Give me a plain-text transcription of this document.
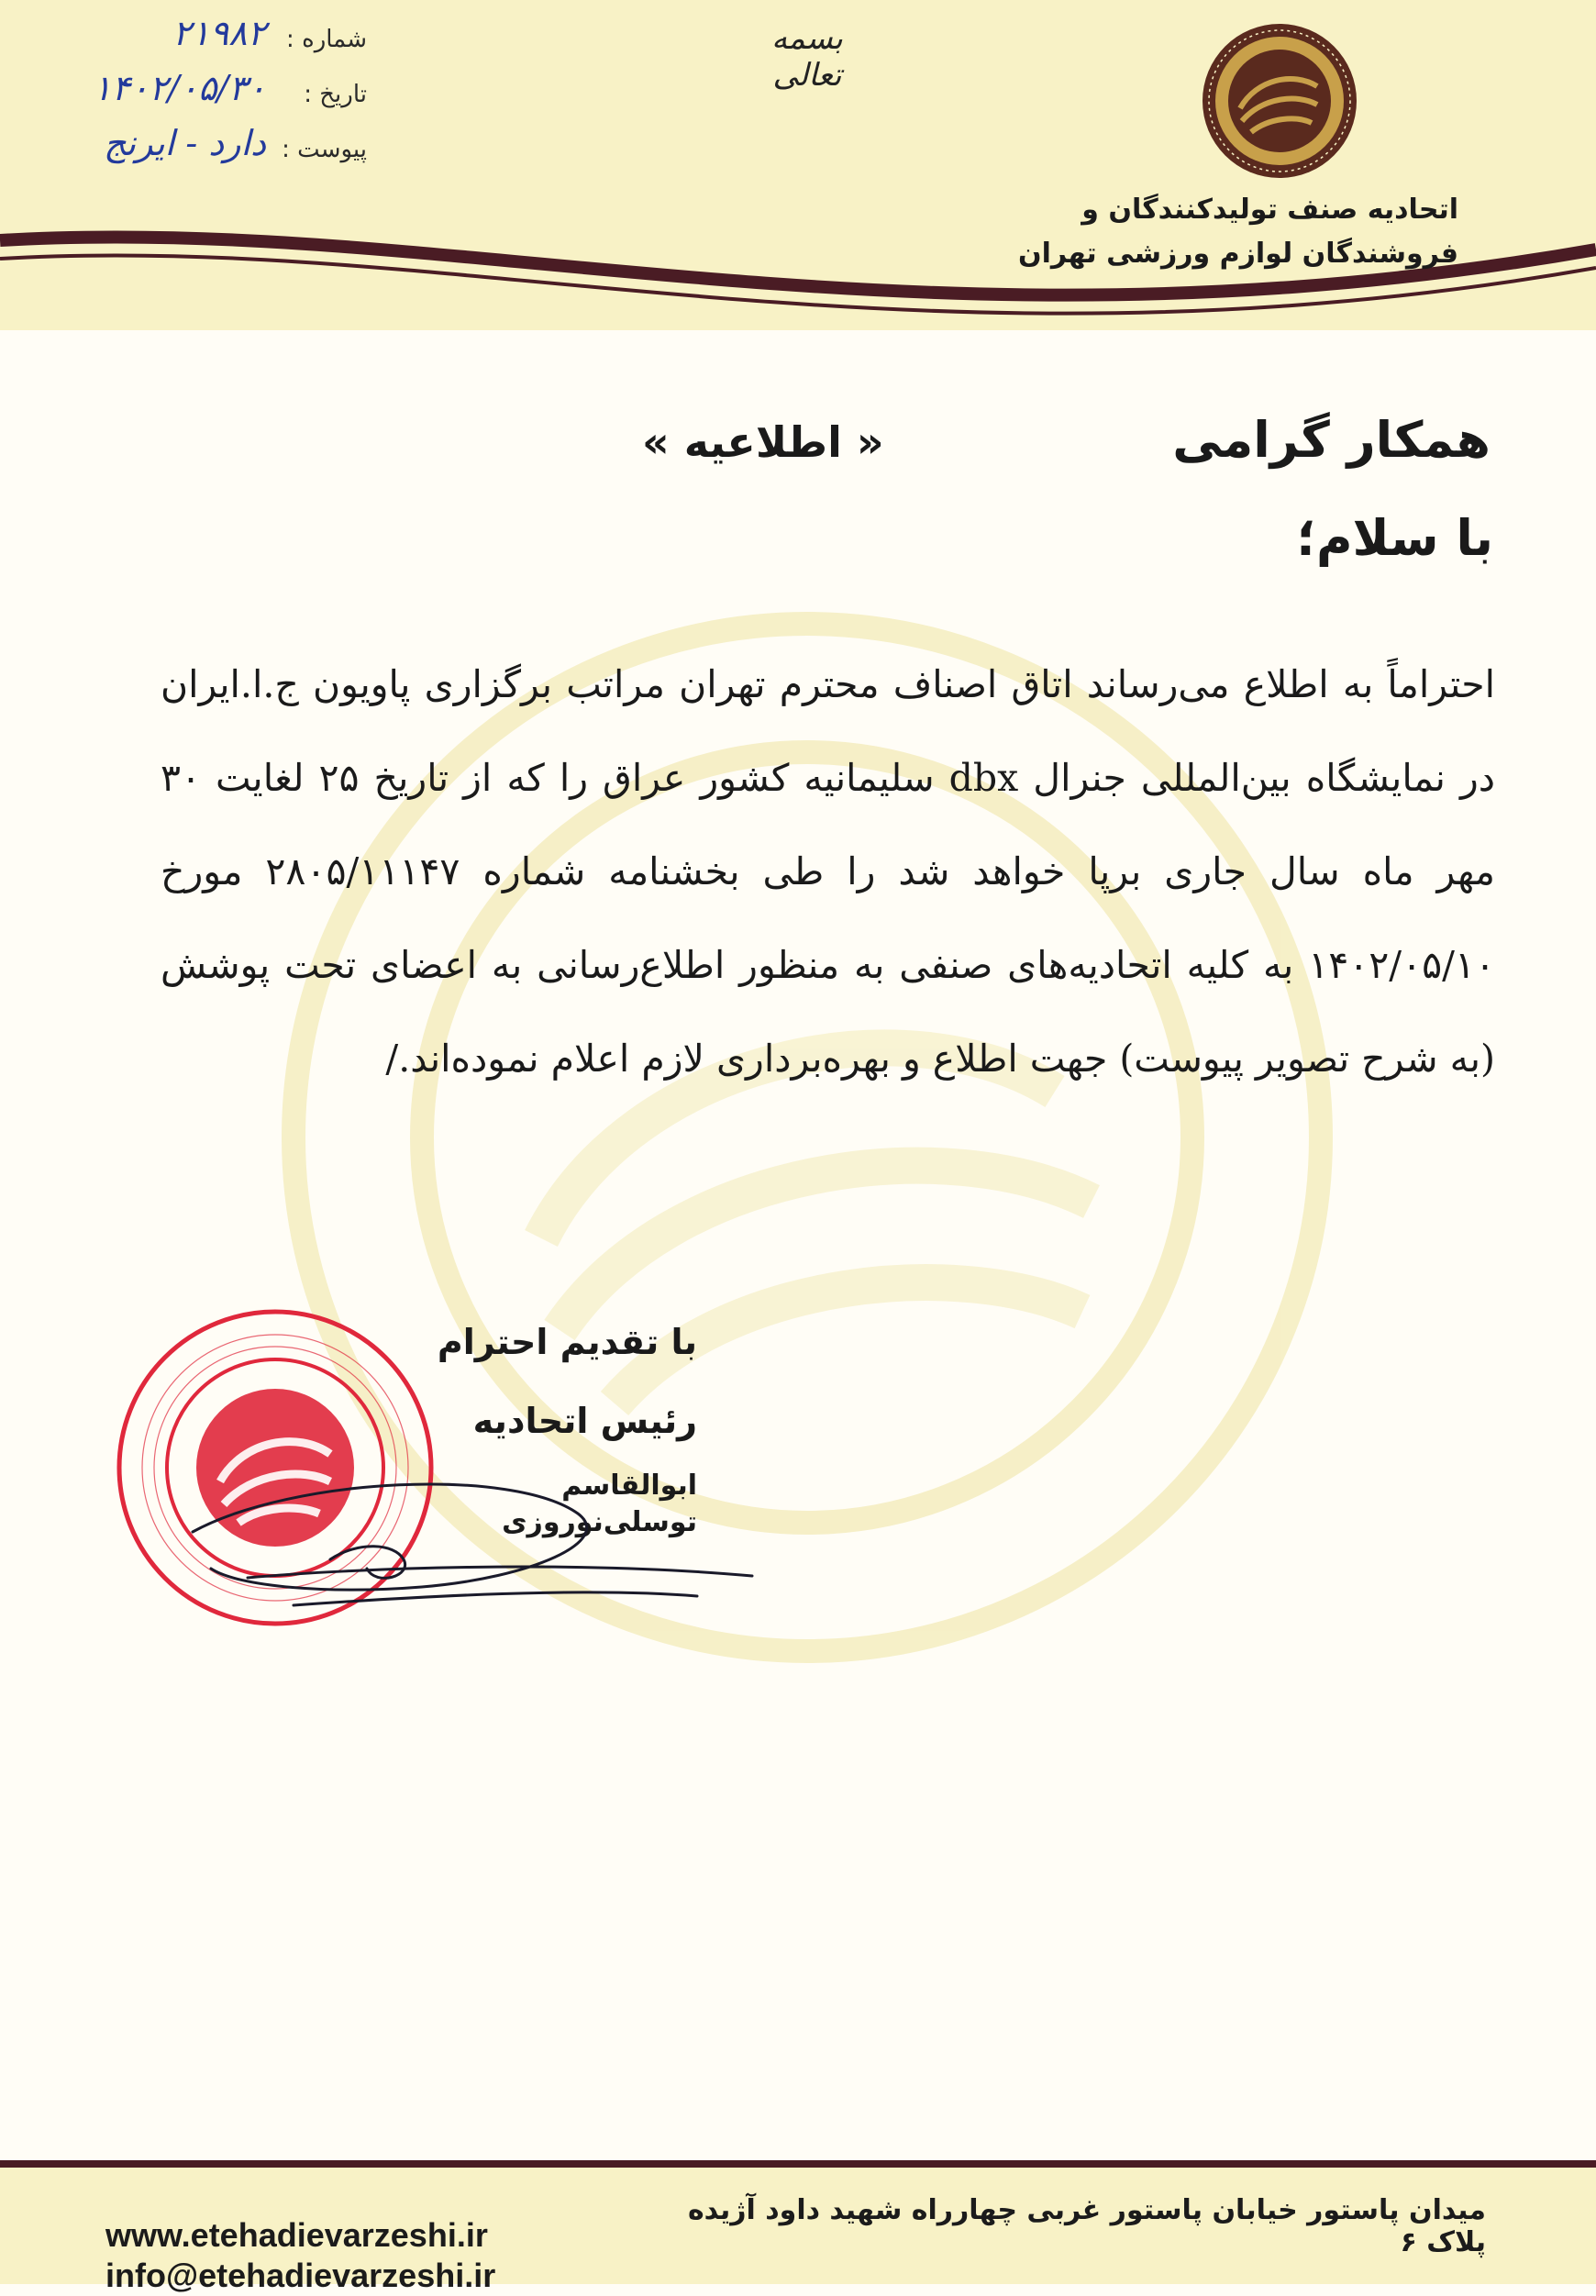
شماره :
۲۱۹۸۲
تاریخ :
۱۴۰۲/۰۵/۳۰
پیوست :
دارد - ایرنج
بسمه تعالی
اتحادیه صنف تولیدکنندگان و
فروشندگان لوازم ورزشی تهران
« اطلاعیه »	همکار گرامی
با سلام؛
احتراماً به اطلاع می‌رساند اتاق اصناف محترم تهران مراتب برگزاری پاویون ج.ا.ایران در نمایشگاه بین‌المللی جنرال dbx سلیمانیه کشور عراق را که از تاریخ ۲۵ لغایت ۳۰ مهر ماه سال جاری برپا خواهد شد را طی بخشنامه شماره ۲۸۰۵/۱۱۱۴۷ مورخ ۱۴۰۲/۰۵/۱۰ به کلیه اتحادیه‌های صنفی به منظور اطلاع‌رسانی به اعضای تحت پوشش (به شرح تصویر پیوست) جهت اطلاع و بهره‌برداری لازم اعلام نموده‌اند./
با تقدیم احترام
رئیس اتحادیه
ابوالقاسم توسلی‌نوروزی
میدان پاستور خیابان پاستور غربی چهارراه شهید داود آژیده پلاک ۶
www.etehadievarzeshi.ir
info@etehadievarzeshi.ir
